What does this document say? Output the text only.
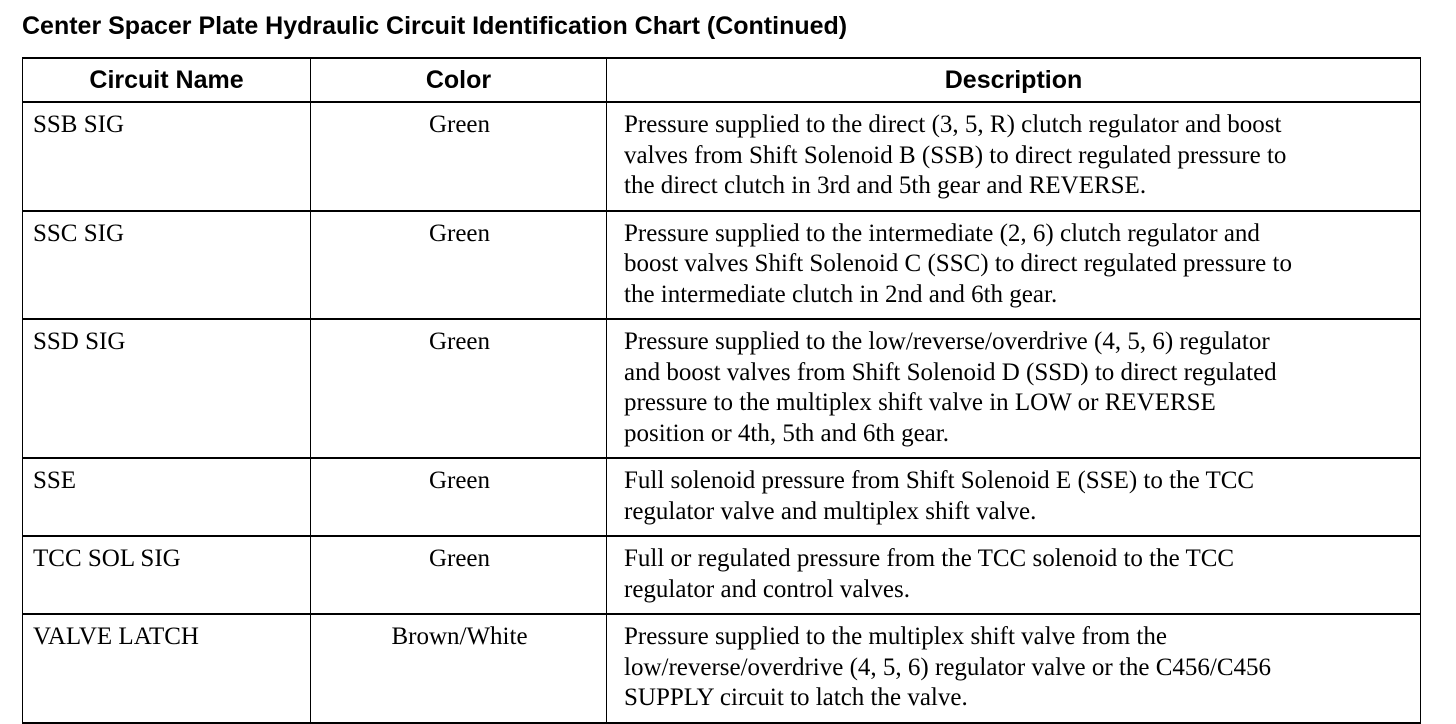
Center Spacer Plate Hydraulic Circuit Identification Chart (Continued)
Circuit Name	Color	Description
SSB SIG	Green	Pressure supplied to the direct (3, 5, R) clutch regulator and boost
valves from Shift Solenoid B (SSB) to direct regulated pressure to
the direct clutch in 3rd and 5th gear and REVERSE.

SSC SIG	Green	Pressure supplied to the intermediate (2, 6) clutch regulator and
boost valves Shift Solenoid C (SSC) to direct regulated pressure to
the intermediate clutch in 2nd and 6th gear.

SSD SIG	Green	Pressure supplied to the low/reverse/overdrive (4, 5, 6) regulator
and boost valves from Shift Solenoid D (SSD) to direct regulated
pressure to the multiplex shift valve in LOW or REVERSE
position or 4th, 5th and 6th gear.

SSE	Green	Full solenoid pressure from Shift Solenoid E (SSE) to the TCC
regulator valve and multiplex shift valve.

TCC SOL SIG	Green	Full or regulated pressure from the TCC solenoid to the TCC
regulator and control valves.

VALVE LATCH	Brown/White	Pressure supplied to the multiplex shift valve from the
low/reverse/overdrive (4, 5, 6) regulator valve or the C456/C456
SUPPLY circuit to latch the valve.
